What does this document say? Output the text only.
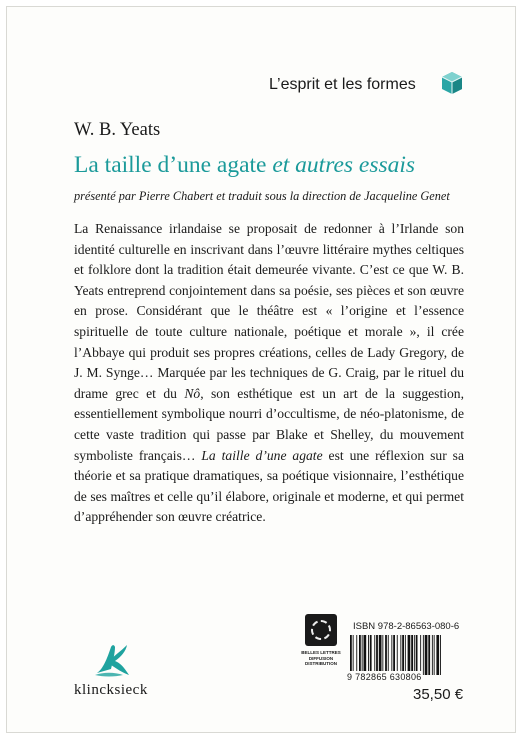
L’esprit et les formes
W. B. Yeats
La taille d’une agate et autres essais
présenté par Pierre Chabert et traduit sous la direction de Jacqueline Genet
La Renaissance irlandaise se proposait de redonner à l’Irlande son identité culturelle en inscrivant dans l’œuvre littéraire mythes celtiques et folklore dont la tradition était demeurée vivante. C’est ce que W. B. Yeats entreprend conjointement dans sa poésie, ses pièces et son œuvre en prose. Considérant que le théâtre est « l’origine et l’essence spirituelle de toute culture nationale, poétique et morale », il crée l’Abbaye qui produit ses propres créations, celles de Lady Gregory, de J. M. Synge… Marquée par les techniques de G. Craig, par le rituel du drame grec et du Nô, son esthétique est un art de la suggestion, essentiellement symbolique nourri d’occultisme, de néo-platonisme, de cette vaste tradition qui passe par Blake et Shelley, du mouvement symboliste français… La taille d’une agate est une réflexion sur sa théorie et sa pratique dramatiques, sa poétique visionnaire, l’esthétique de ses maîtres et celle qu’il élabore, originale et moderne, et qui permet d’appréhender son œuvre créatrice.
klincksieck
BELLES LETTRES DIFFUSION DISTRIBUTION
ISBN 978-2-86563-080-6
9 782865 630806
35,50 €
